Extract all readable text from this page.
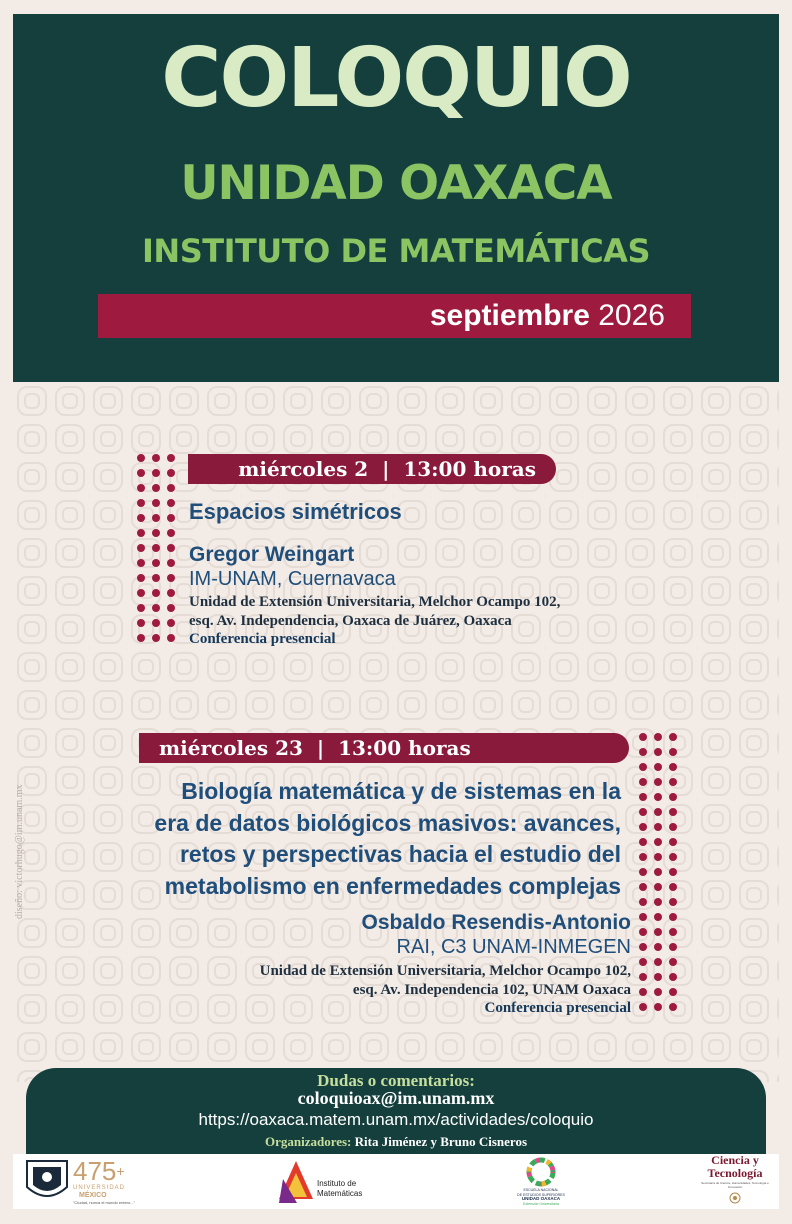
COLOQUIO
UNIDAD OAXACA
INSTITUTO DE MATEMÁTICAS
septiembre 2026
miércoles 2  |  13:00 horas
Espacios simétricos
Gregor Weingart
IM-UNAM, Cuernavaca
Unidad de Extensión Universitaria, Melchor Ocampo 102,
esq. Av. Independencia, Oaxaca de Juárez, Oaxaca
Conferencia presencial
miércoles 23  |  13:00 horas
Biología matemática y de sistemas en la
era de datos biológicos masivos: avances,
retos y perspectivas hacia el estudio del
metabolismo en enfermedades complejas
Osbaldo Resendis-Antonio
RAI, C3 UNAM-INMEGEN
Unidad de Extensión Universitaria, Melchor Ocampo 102,
esq. Av. Independencia 102, UNAM Oaxaca
Conferencia presencial
diseño: victorhugo@im.unam.mx
Dudas o comentarios:
coloquioax@im.unam.mx
https://oaxaca.matem.unam.mx/actividades/coloquio
Organizadores: Rita Jiménez y Bruno Cisneros
475+
UNIVERSIDAD
MÉXICO
"Ciudad, nunca el mundo entero..."
Instituto de
Matemáticas	ESCUELA NACIONAL
DE ESTUDIOS SUPERIORES
UNIDAD OAXACA
Extensión Universitaria
Ciencia y
Tecnología
Secretaría de Ciencia, Humanidades, Tecnología e Innovación
